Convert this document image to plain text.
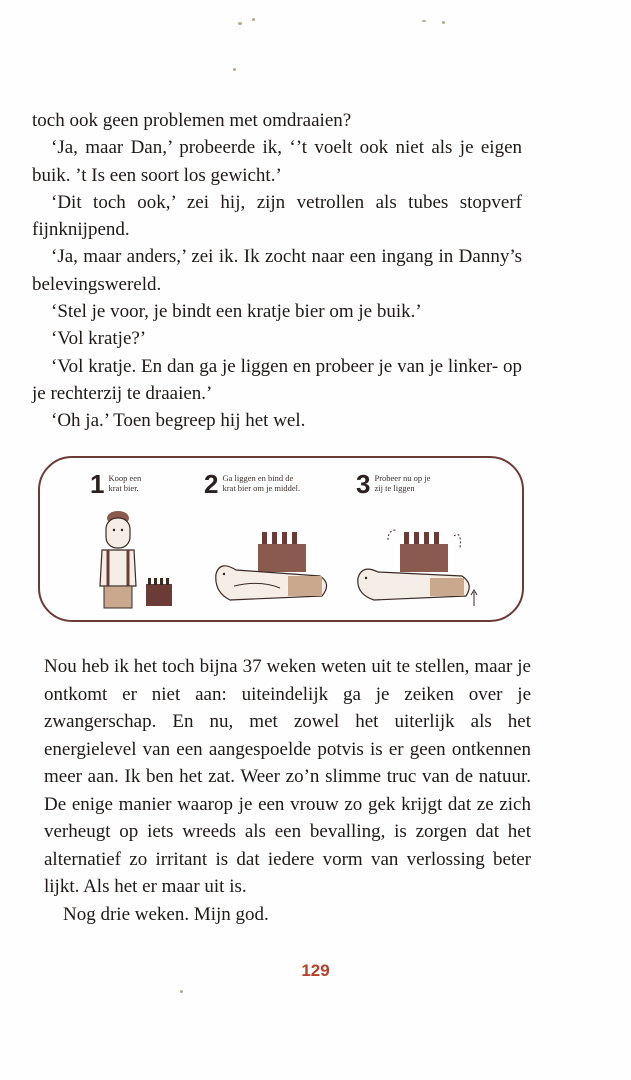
toch ook geen problemen met omdraaien?

‘Ja, maar Dan,’ probeerde ik, ‘’t voelt ook niet als je eigen buik. ’t Is een soort los gewicht.’

‘Dit toch ook,’ zei hij, zijn vetrollen als tubes stopverf fijnknijpend.

‘Ja, maar anders,’ zei ik. Ik zocht naar een ingang in Danny’s belevingswereld.

‘Stel je voor, je bindt een kratje bier om je buik.’

‘Vol kratje?’

‘Vol kratje. En dan ga je liggen en probeer je van je linker- op je rechterzij te draaien.’

‘Oh ja.’ Toen begreep hij het wel.

1 Koop een
krat bier.	2 Ga liggen en bind de
krat bier om je middel. 3 Probeer nu op je
zij te liggen

Nou heb ik het toch bijna 37 weken weten uit te stellen, maar je ontkomt er niet aan: uiteindelijk ga je zeiken over je zwangerschap. En nu, met zowel het uiterlijk als het energielevel van een aangespoelde potvis is er geen ontkennen meer aan. Ik ben het zat. Weer zo’n slimme truc van de natuur. De enige manier waarop je een vrouw zo gek krijgt dat ze zich verheugt op iets wreeds als een bevalling, is zorgen dat het alternatief zo irritant is dat iedere vorm van verlossing beter lijkt. Als het er maar uit is.

Nog drie weken. Mijn god.

129
